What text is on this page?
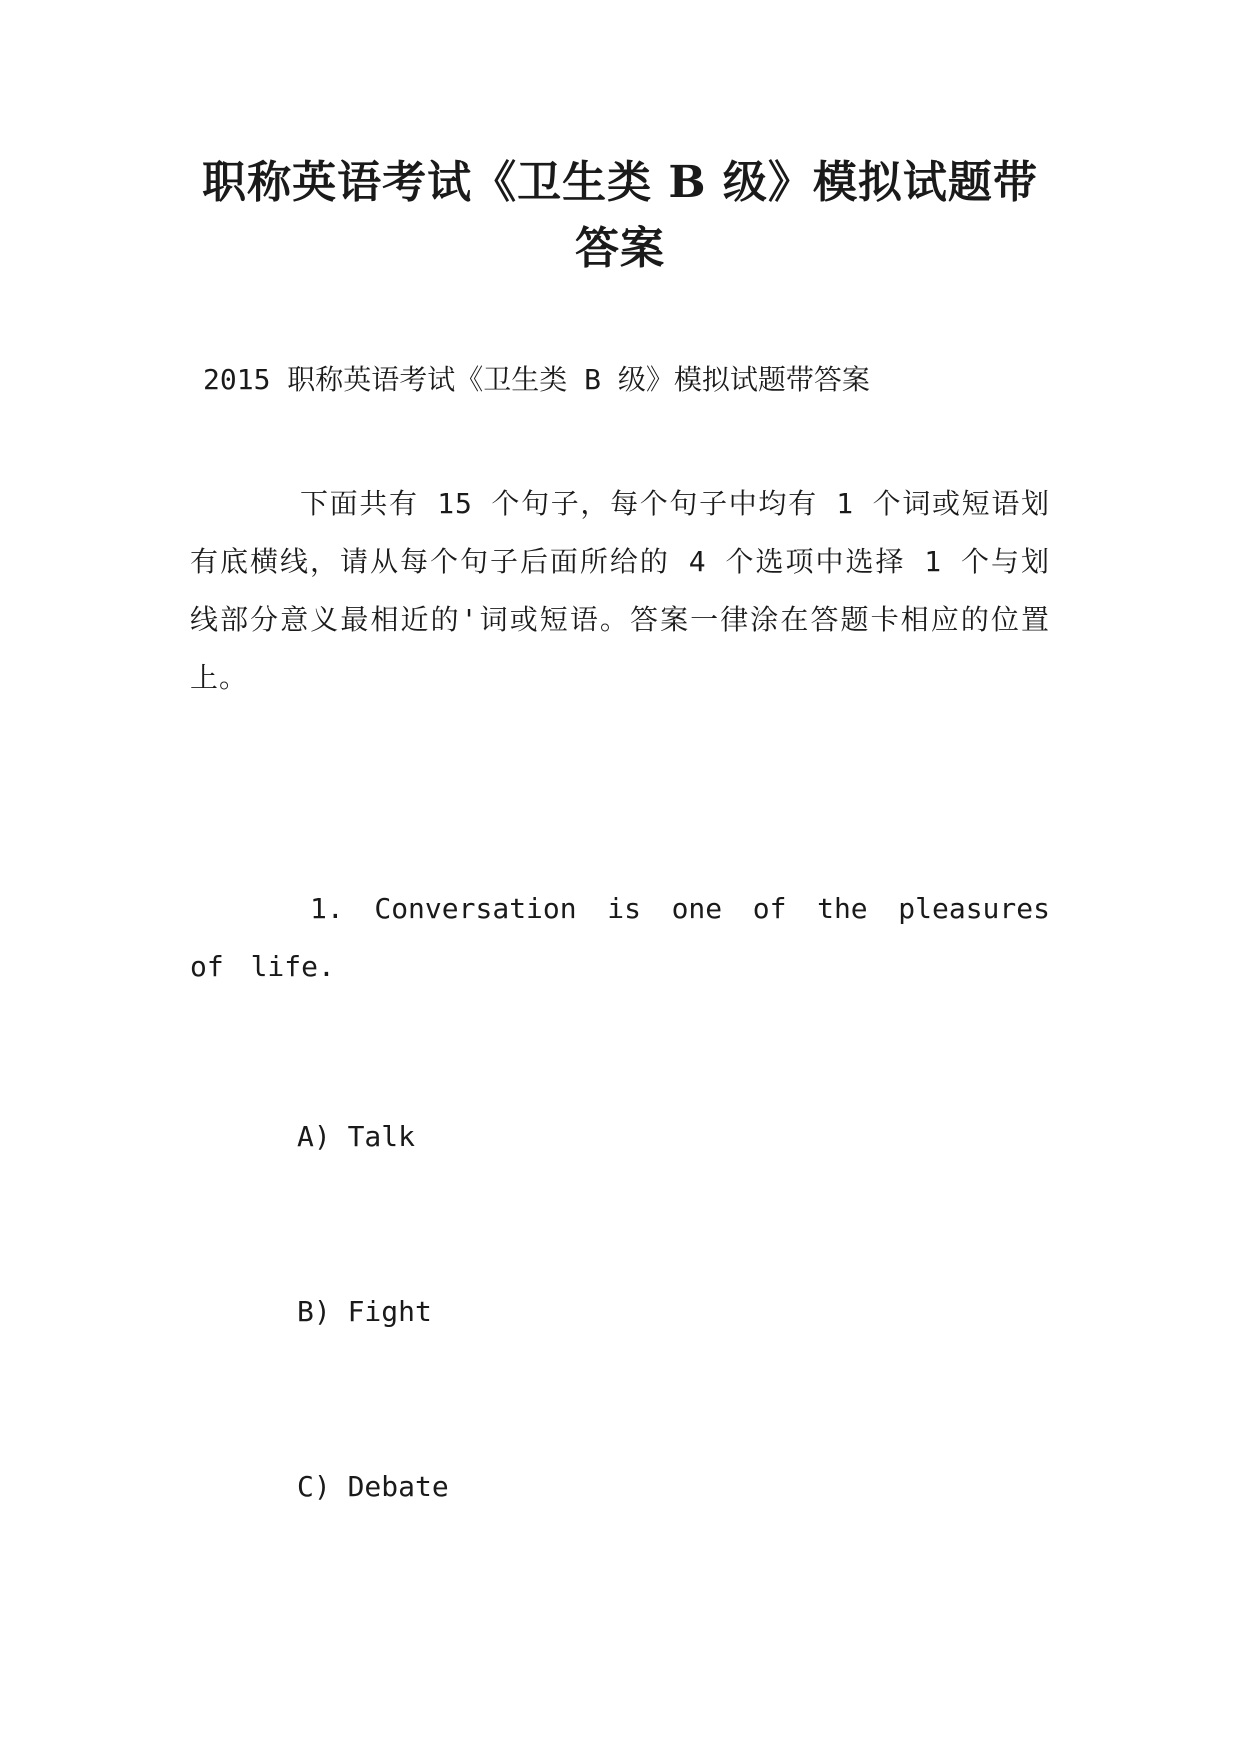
职称英语考试《卫生类 B 级》模拟试题带答案

2015 职称英语考试《卫生类 B 级》模拟试题带答案

下面共有 15 个句子，每个句子中均有 1 个词或短语划有底横线，请从每个句子后面所给的 4 个选项中选择 1 个与划线部分意义最相近的'词或短语。答案一律涂在答题卡相应的位置上。

1. Conversation is one of the pleasures of life.

A) Talk

B) Fight

C) Debate
